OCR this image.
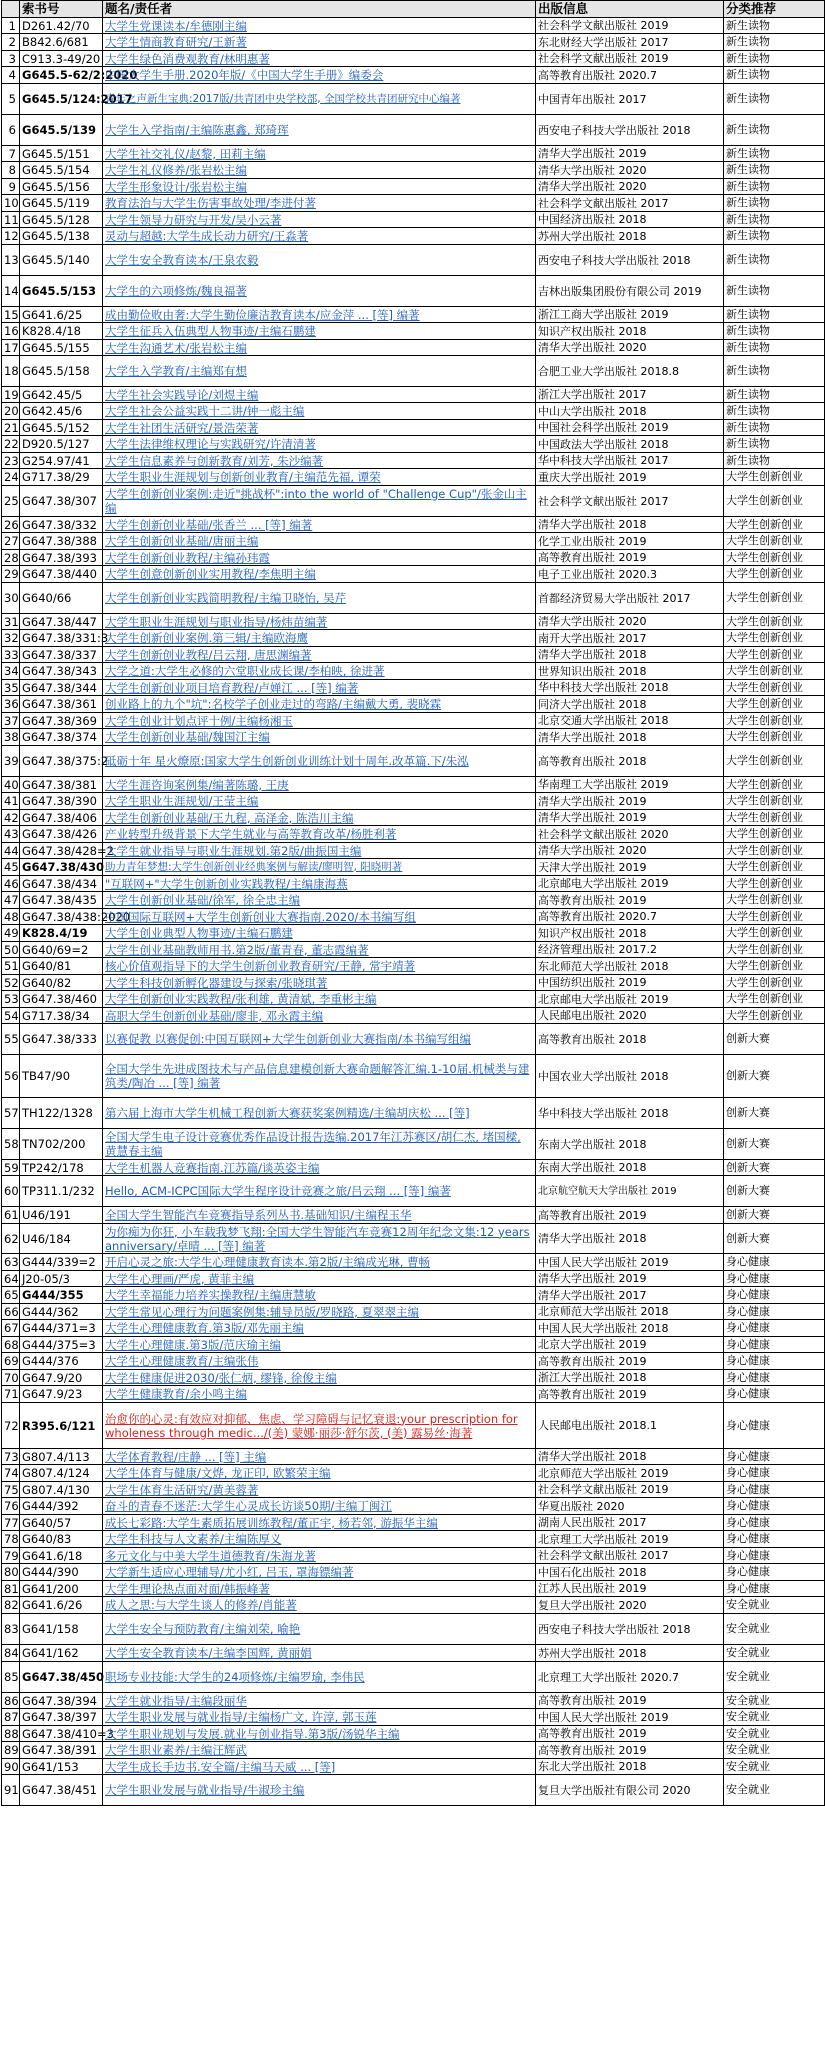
	索书号	题名/责任者	出版信息	分类推荐
1	D261.42/70	大学生党课读本/牟德刚主编	社会科学文献出版社 2019	新生读物
2	B842.6/681	大学生情商教育研究/王新著	东北财经大学出版社 2017	新生读物
3	C913.3-49/20	大学生绿色消费观教育/林明惠著	社会科学文献出版社 2019	新生读物
4	G645.5-62/2:2020	中国大学生手册.2020年版/《中国大学生手册》编委会	高等教育出版社 2020.7	新生读物
5	G645.5/124:2017	青年之声新生宝典:2017版/共青团中央学校部, 全国学校共青团研究中心编著	中国青年出版社 2017	新生读物
6	G645.5/139	大学生入学指南/主编陈惠鑫, 郑琦珲	西安电子科技大学出版社 2018	新生读物
7	G645.5/151	大学生社交礼仪/赵黎, 田莉主编	清华大学出版社 2019	新生读物
8	G645.5/154	大学生礼仪修养/张岩松主编	清华大学出版社 2020	新生读物
9	G645.5/156	大学生形象设计/张岩松主编	清华大学出版社 2020	新生读物
10	G645.5/119	教育法治与大学生伤害事故处理/李进付著	社会科学文献出版社 2017	新生读物
11	G645.5/128	大学生领导力研究与开发/吴小云著	中国经济出版社 2018	新生读物
12	G645.5/138	灵动与超越:大学生成长动力研究/王淼著	苏州大学出版社 2018	新生读物
13	G645.5/140	大学生安全教育读本/王泉农毅	西安电子科技大学出版社 2018	新生读物
14	G645.5/153	大学生的六项修炼/魏良福著	吉林出版集团股份有限公司 2019	新生读物
15	G641.6/25	成由勤俭败由奢:大学生勤俭廉洁教育读本/应金萍 ... [等] 编著	浙江工商大学出版社 2019	新生读物
16	K828.4/18	大学生征兵入伍典型人物事迹/主编石鹏建	知识产权出版社 2018	新生读物
17	G645.5/155	大学生沟通艺术/张岩松主编	清华大学出版社 2020	新生读物
18	G645.5/158	大学生入学教育/主编郑有想	合肥工业大学出版社 2018.8	新生读物
19	G642.45/5	大学生社会实践导论/刘煜主编	浙江大学出版社 2017	新生读物
20	G642.45/6	大学生社会公益实践十二讲/钟一彪主编	中山大学出版社 2018	新生读物
21	G645.5/152	大学生社团生活研究/景浩荣著	中国社会科学出版社 2019	新生读物
22	D920.5/127	大学生法律维权理论与实践研究/许清清著	中国政法大学出版社 2018	新生读物
23	G254.97/41	大学生信息素养与创新教育/刘芳, 朱沙编著	华中科技大学出版社 2017	新生读物
24	G717.38/29	大学生职业生涯规划与创新创业教育/主编范先福, 谭荣	重庆大学出版社 2019	大学生创新创业
25	G647.38/307	大学生创新创业案例:走近"挑战杯":into the world of "Challenge Cup"/张金山主编	社会科学文献出版社 2017	大学生创新创业
26	G647.38/332	大学生创新创业基础/张香兰 ... [等] 编著	清华大学出版社 2018	大学生创新创业
27	G647.38/388	大学生创新创业基础/唐丽主编	化学工业出版社 2019	大学生创新创业
28	G647.38/393	大学生创新创业教程/主编孙玮霞	高等教育出版社 2019	大学生创新创业
29	G647.38/440	大学生创意创新创业实用教程/李焦明主编	电子工业出版社 2020.3	大学生创新创业
30	G640/66	大学生创新创业实践简明教程/主编卫晓怡, 吴芹	首都经济贸易大学出版社 2017	大学生创新创业
31	G647.38/447	大学生职业生涯规划与职业指导/杨炜苗编著	清华大学出版社 2020	大学生创新创业
32	G647.38/331:3	大学生创新创业案例.第三辑/主编欧海鹰	南开大学出版社 2017	大学生创新创业
33	G647.38/337	大学生创新创业教程/吕云翔, 唐思渊编著	清华大学出版社 2018	大学生创新创业
34	G647.38/343	大学之道:大学生必修的六堂职业成长课/李柏映, 徐进著	世界知识出版社 2018	大学生创新创业
35	G647.38/344	大学生创新创业项目培育教程/卢婵江 ... [等] 编著	华中科技大学出版社 2018	大学生创新创业
36	G647.38/361	创业路上的九个"坑":名校学子创业走过的弯路/主编戴大勇, 裴晓霖	同济大学出版社 2018	大学生创新创业
37	G647.38/369	大学生创业计划点评十例/主编杨湘玉	北京交通大学出版社 2018	大学生创新创业
38	G647.38/374	大学生创新创业基础/魏国江主编	清华大学出版社 2018	大学生创新创业
39	G647.38/375:2	砥砺十年 星火燎原:国家大学生创新创业训练计划十周年.改革篇.下/朱泓	高等教育出版社 2018	大学生创新创业
40	G647.38/381	大学生涯咨询案例集/编著陈璐, 王庚	华南理工大学出版社 2019	大学生创新创业
41	G647.38/390	大学生职业生涯规划/王莹主编	清华大学出版社 2019	大学生创新创业
42	G647.38/406	大学生创新创业基础/王九程, 高泽金, 陈浩川主编	清华大学出版社 2019	大学生创新创业
43	G647.38/426	产业转型升级背景下大学生就业与高等教育改革/杨胜利著	社会科学文献出版社 2020	大学生创新创业
44	G647.38/428=2	大学生就业指导与职业生涯规划.第2版/曲振国主编	清华大学出版社 2020	大学生创新创业
45	G647.38/430	助力青年梦想:大学生创新创业经典案例与解读/廖明智, 阳晓明著	天津大学出版社 2019	大学生创新创业
46	G647.38/434	"互联网+"大学生创新创业实践教程/主编康海燕	北京邮电大学出版社 2019	大学生创新创业
47	G647.38/435	大学生创新创业基础/徐军, 徐全忠主编	高等教育出版社 2019	大学生创新创业
48	G647.38/438:2020	中国国际互联网+大学生创新创业大赛指南.2020/本书编写组	高等教育出版社 2020.7	大学生创新创业
49	K828.4/19	大学生创业典型人物事迹/主编石鹏建	知识产权出版社 2018	大学生创新创业
50	G640/69=2	大学生创业基础教师用书.第2版/董青春, 董志霞编著	经济管理出版社 2017.2	大学生创新创业
51	G640/81	核心价值观指导下的大学生创新创业教育研究/王静, 常宇靖著	东北师范大学出版社 2018	大学生创新创业
52	G640/82	大学生科技创新孵化器建设与探索/张晓琪著	中国纺织出版社 2019	大学生创新创业
53	G647.38/460	大学生创新创业实践教程/张利雄, 黄清斌, 李重彬主编	北京邮电大学出版社 2019	大学生创新创业
54	G717.38/34	高职大学生创新创业基础/廖非, 邓永霞主编	人民邮电出版社 2020	大学生创新创业
55	G647.38/333	以赛促教 以赛促创:中国互联网+大学生创新创业大赛指南/本书编写组编	高等教育出版社 2018	创新大赛
56	TB47/90	全国大学生先进成图技术与产品信息建模创新大赛命题解答汇编.1-10届.机械类与建筑类/陶冶 ... [等] 编著	中国农业大学出版社 2018	创新大赛
57	TH122/1328	第六届上海市大学生机械工程创新大赛获奖案例精选/主编胡庆松 ... [等]	华中科技大学出版社 2018	创新大赛
58	TN702/200	全国大学生电子设计竞赛优秀作品设计报告选编.2017年江苏赛区/胡仁杰, 堵国樑, 黄慧春主编	东南大学出版社 2018	创新大赛
59	TP242/178	大学生机器人竞赛指南.江苏篇/谈英姿主编	东南大学出版社 2018	创新大赛
60	TP311.1/232	Hello, ACM-ICPC国际大学生程序设计竞赛之旅/吕云翔 ... [等] 编著	北京航空航天大学出版社 2019	创新大赛
61	U46/191	全国大学生智能汽车竞赛指导系列丛书.基础知识/主编程玉华	高等教育出版社 2019	创新大赛
62	U46/184	为你痴为你狂, 小车载我梦飞翔:全国大学生智能汽车竞赛12周年纪念文集:12 years anniversary/卓晴 ... [等] 编著	清华大学出版社 2018	创新大赛
63	G444/339=2	开启心灵之旅:大学生心理健康教育读本.第2版/主编成光琳, 曹畅	中国人民大学出版社 2019	身心健康
64	J20-05/3	大学生心理画/严虎, 黄菲主编	清华大学出版社 2019	身心健康
65	G444/355	大学生幸福能力培养实操教程/主编唐慧敏	清华大学出版社 2017	身心健康
66	G444/362	大学生常见心理行为问题案例集:辅导员版/罗晓路, 夏翠翠主编	北京师范大学出版社 2018	身心健康
67	G444/371=3	大学生心理健康教育.第3版/邓先丽主编	中国人民大学出版社 2018	身心健康
68	G444/375=3	大学生心理健康.第3版/范庆瑜主编	北京大学出版社 2019	身心健康
69	G444/376	大学生心理健康教育/主编张伟	高等教育出版社 2019	身心健康
70	G647.9/20	大学生健康促进2030/张仁炳, 缪锋, 徐俊主编	浙江大学出版社 2018	身心健康
71	G647.9/23	大学生健康教育/余小鸣主编	高等教育出版社 2019	身心健康
72	R395.6/121	治愈你的心灵:有效应对抑郁、焦虑、学习障碍与记忆衰退:your prescription for wholeness through medic.../(美) 蒙娜·丽莎·舒尔茨, (美) 露易丝·海著	人民邮电出版社 2018.1	身心健康
73	G807.4/113	大学体育教程/庄静 ... [等] 主编	清华大学出版社 2018	身心健康
74	G807.4/124	大学生体育与健康/文烨, 龙正印, 欧繁荣主编	北京师范大学出版社 2019	身心健康
75	G807.4/130	大学生体育生活研究/黄美蓉著	社会科学文献出版社 2019	身心健康
76	G444/392	奋斗的青春不迷茫:大学生心灵成长访谈50期/主编丁闽江	华夏出版社 2020	身心健康
77	G640/57	成长七彩路:大学生素质拓展训练教程/董正宇, 杨若邻, 游振华主编	湖南人民出版社 2017	身心健康
78	G640/83	大学生科技与人文素养/主编陈厚义	北京理工大学出版社 2019	身心健康
79	G641.6/18	多元文化与中美大学生道德教育/朱海龙著	社会科学文献出版社 2017	身心健康
80	G444/390	大学新生适应心理辅导/尤小红, 吕玉, 罩海镖编著	中国石化出版社 2018	身心健康
81	G641/200	大学生理论热点面对面/韩振峰著	江苏人民出版社 2019	身心健康
82	G641.6/26	成人之思:与大学生谈人的修养/肖能著	复旦大学出版社 2020	安全就业
83	G641/158	大学生安全与预防教育/主编刘荣, 喻艳	西安电子科技大学出版社 2018	安全就业
84	G641/162	大学生安全教育读本/主编李国辉, 黄丽娟	苏州大学出版社 2018	安全就业
85	G647.38/450	职场专业技能:大学生的24项修炼/主编罗瑜, 李伟民	北京理工大学出版社 2020.7	安全就业
86	G647.38/394	大学生就业指导/主编段丽华	高等教育出版社 2019	安全就业
87	G647.38/397	大学生职业发展与就业指导/主编杨广文, 许淳, 郭玉莲	中国人民大学出版社 2019	安全就业
88	G647.38/410=3	大学生职业规划与发展.就业与创业指导.第3版/汤锐华主编	高等教育出版社 2019	安全就业
89	G647.38/391	大学生职业素养/主编汪辉武	高等教育出版社 2019	安全就业
90	G641/153	大学生成长手边书.安全篇/主编马天威 ... [等]	东北大学出版社 2018	安全就业
91	G647.38/451	大学生职业发展与就业指导/牛淑珍主编	复旦大学出版社有限公司 2020	安全就业
